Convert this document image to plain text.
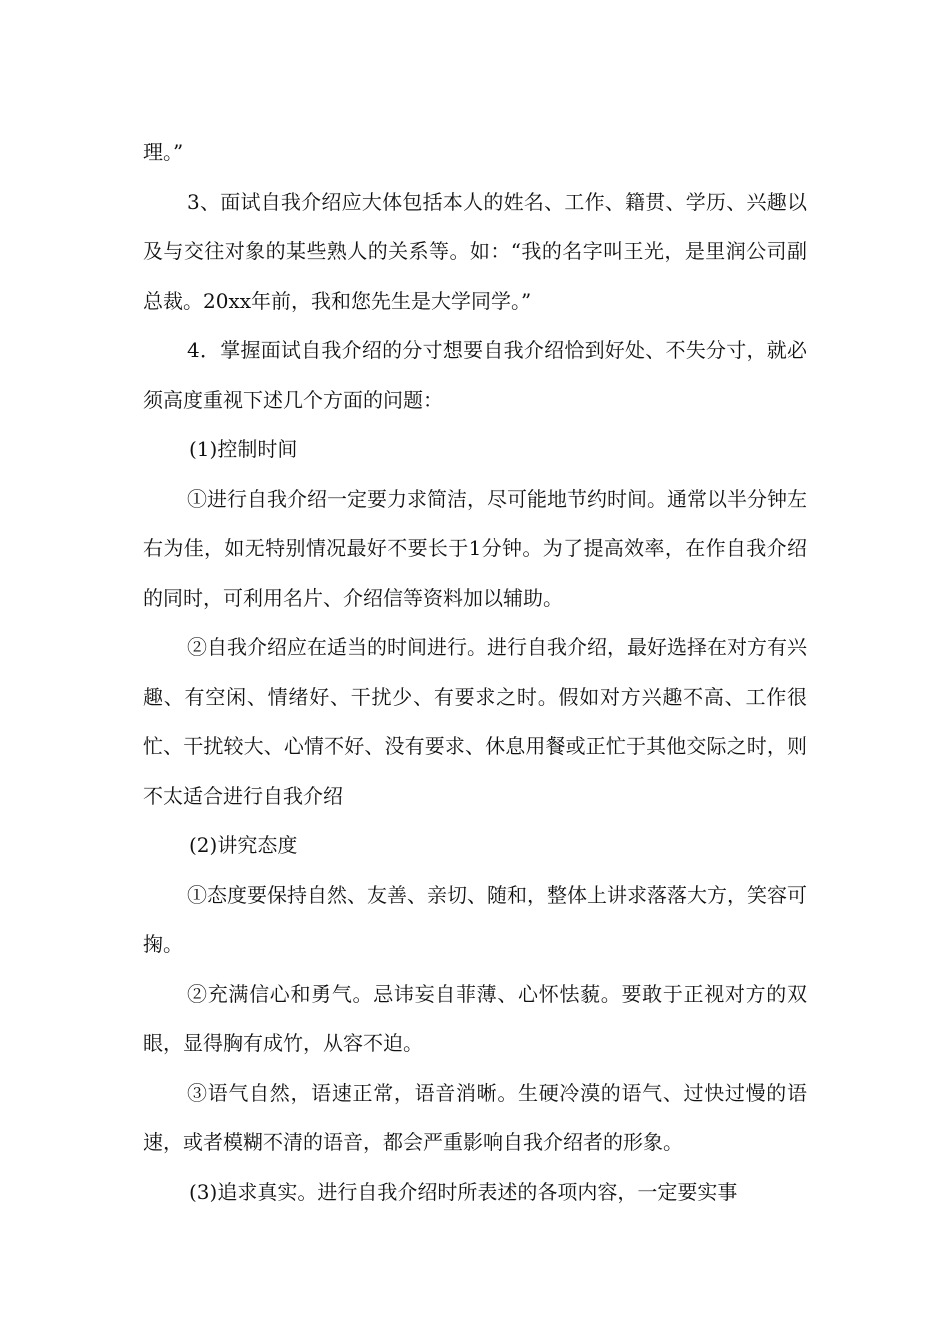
理。”

3、面试自我介绍应大体包括本人的姓名、工作、籍贯、学历、兴趣以及与交往对象的某些熟人的关系等。如：“我的名字叫王光，是里润公司副总裁。20xx年前，我和您先生是大学同学。”

4．掌握面试自我介绍的分寸想要自我介绍恰到好处、不失分寸，就必须高度重视下述几个方面的问题：

(1)控制时间

①进行自我介绍一定要力求简洁，尽可能地节约时间。通常以半分钟左右为佳，如无特别情况最好不要长于1分钟。为了提高效率，在作自我介绍的同时，可利用名片、介绍信等资料加以辅助。

②自我介绍应在适当的时间进行。进行自我介绍，最好选择在对方有兴趣、有空闲、情绪好、干扰少、有要求之时。假如对方兴趣不高、工作很忙、干扰较大、心情不好、没有要求、休息用餐或正忙于其他交际之时，则不太适合进行自我介绍

(2)讲究态度

①态度要保持自然、友善、亲切、随和，整体上讲求落落大方，笑容可掬。

②充满信心和勇气。忌讳妄自菲薄、心怀怯藐。要敢于正视对方的双眼，显得胸有成竹，从容不迫。

③语气自然，语速正常，语音消晰。生硬冷漠的语气、过快过慢的语速，或者模糊不清的语音，都会严重影响自我介绍者的形象。

(3)追求真实。进行自我介绍时所表述的各项内容，一定要实事
